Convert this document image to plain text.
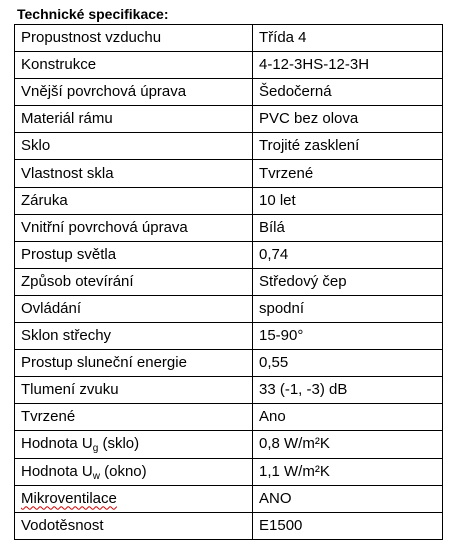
Technické specifikace:
Propustnost vzduchu	Třída 4
Konstrukce	4-12-3HS-12-3H
Vnější povrchová úprava	Šedočerná
Materiál rámu	PVC bez olova
Sklo	Trojité zasklení
Vlastnost skla	Tvrzené
Záruka	10 let
Vnitřní povrchová úprava	Bílá
Prostup světla	0,74
Způsob otevírání	Středový čep
Ovládání	spodní
Sklon střechy	15-90°
Prostup sluneční energie	0,55
Tlumení zvuku	33 (-1, -3) dB
Tvrzené	Ano
Hodnota $U_g$ (sklo)	0,8 W/m²K
Hodnota $U_w$ (okno)	1,1 W/m²K
Mikroventilace	ANO
Vodotěsnost	E1500
